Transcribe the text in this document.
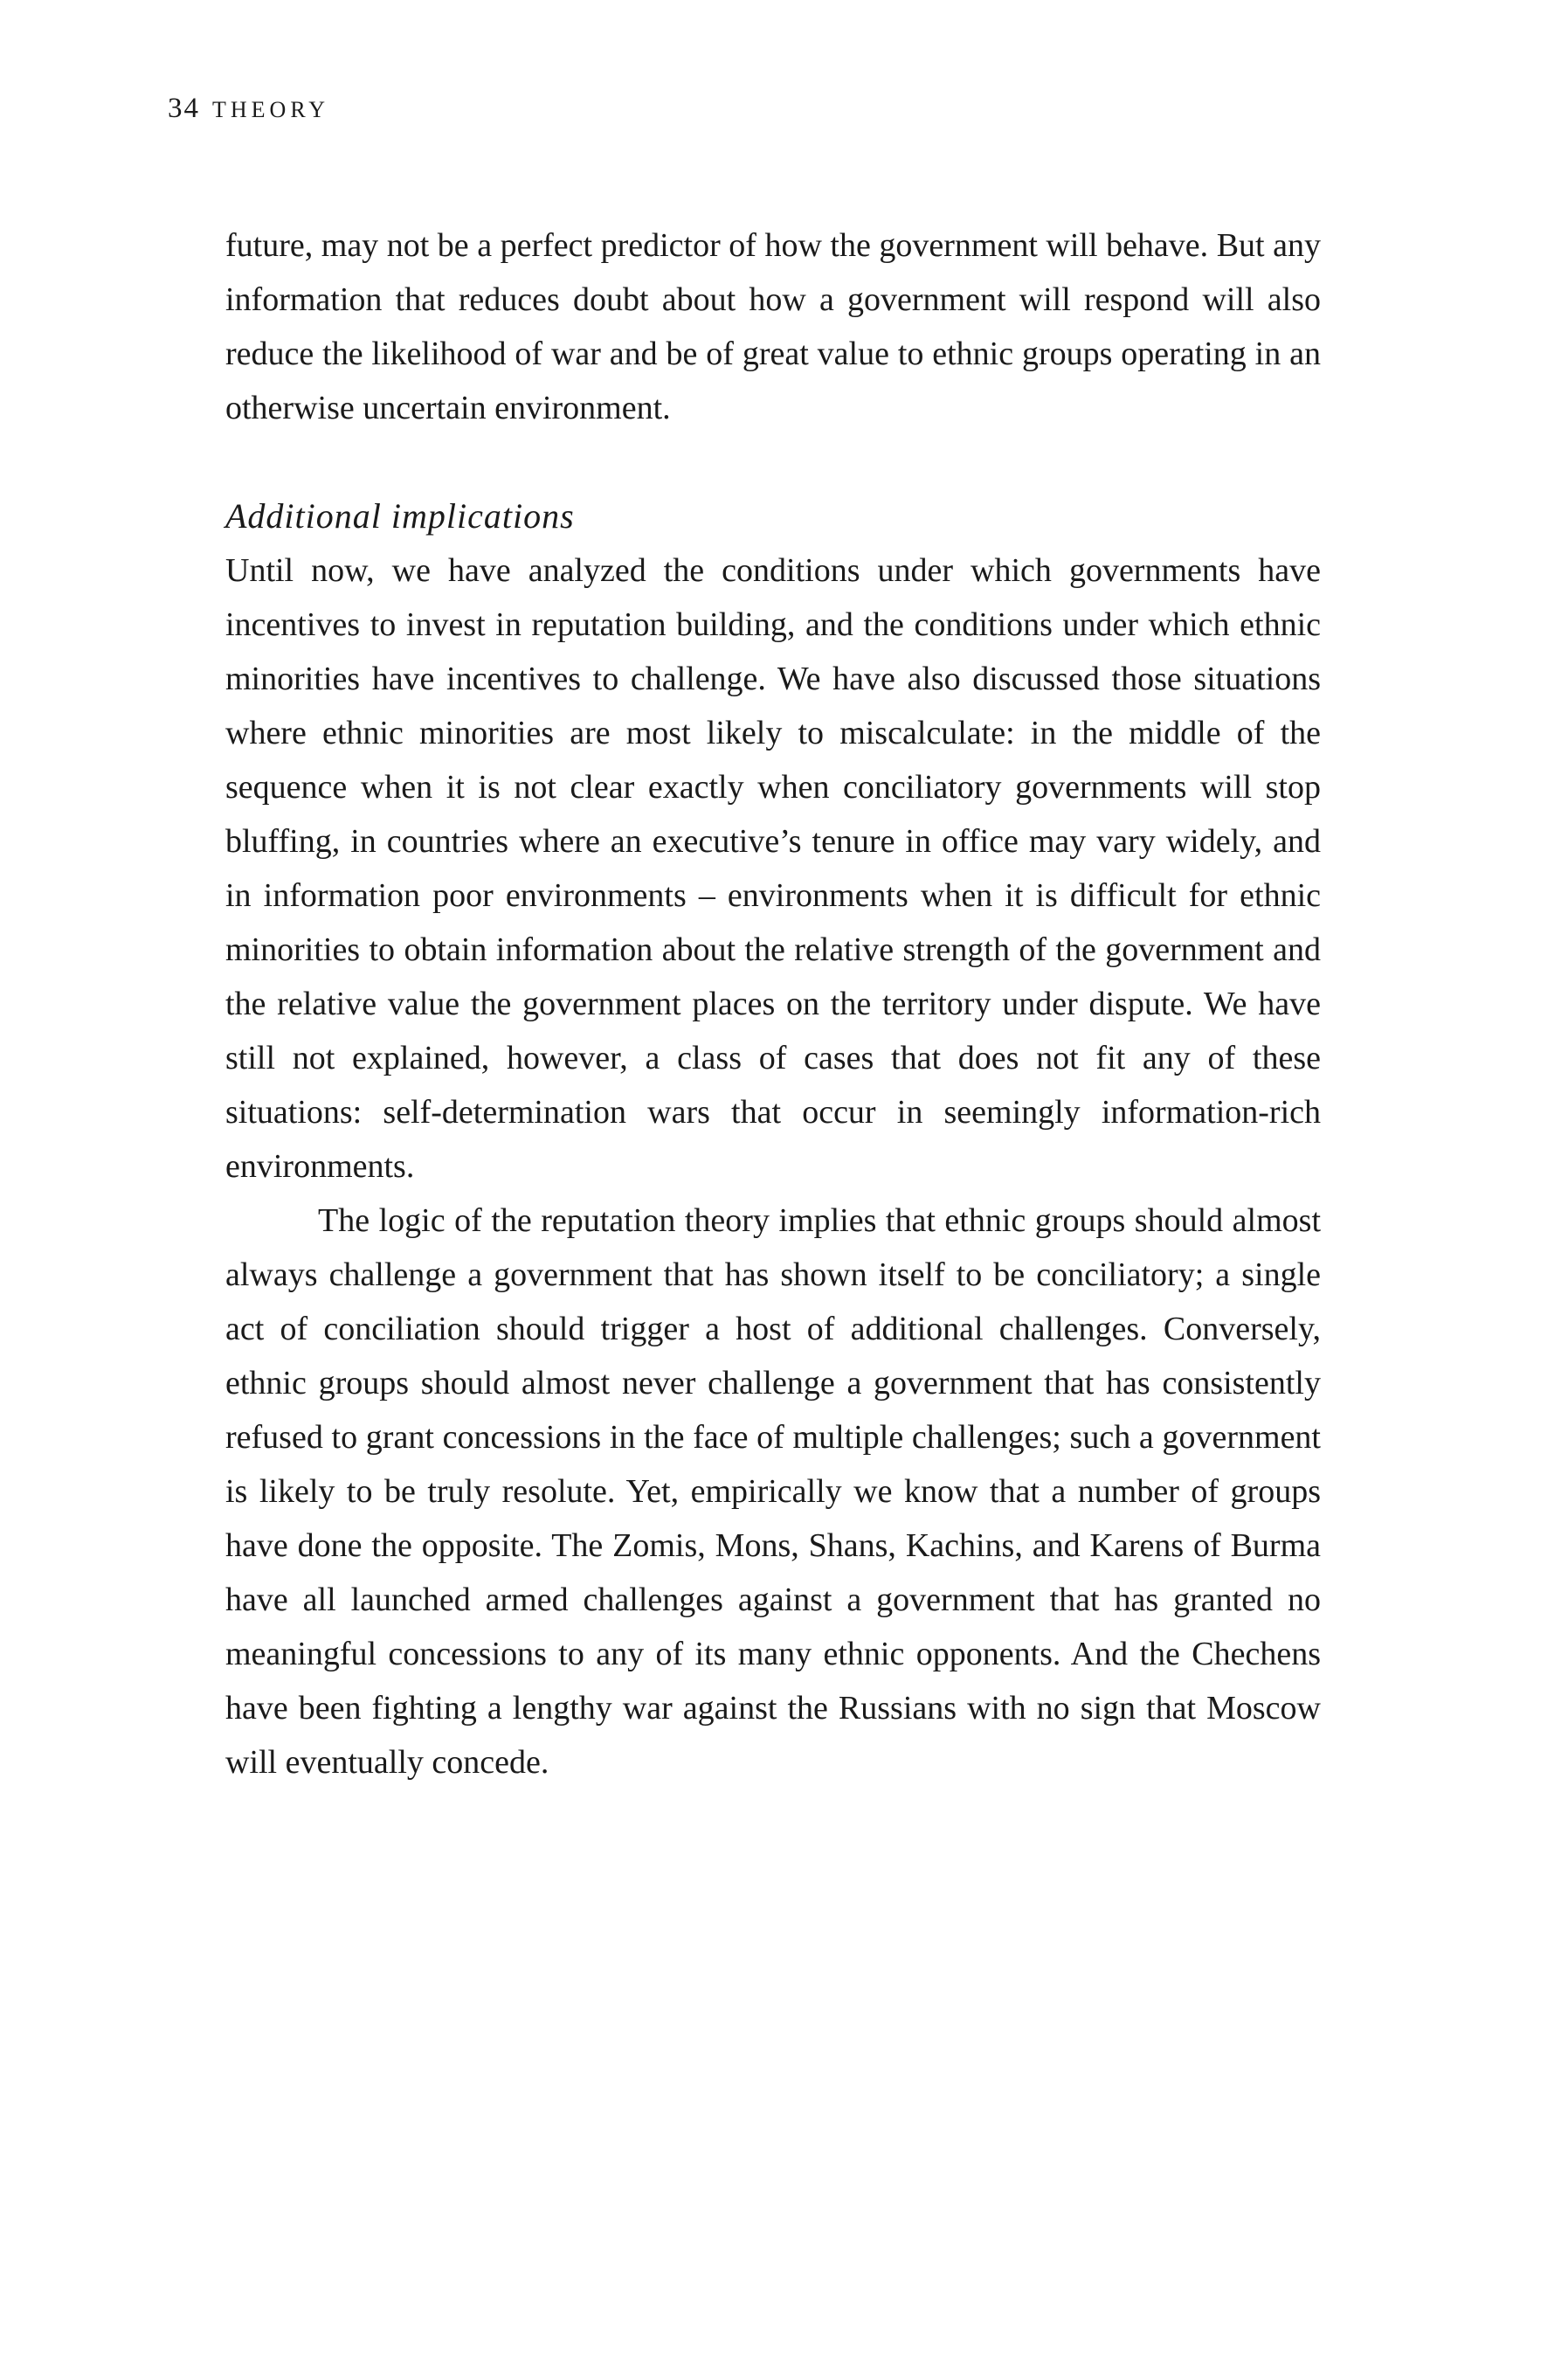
34 THEORY

future, may not be a perfect predictor of how the government will behave. But any information that reduces doubt about how a government will respond will also reduce the likelihood of war and be of great value to ethnic groups operating in an otherwise uncertain environment.

Additional implications

Until now, we have analyzed the conditions under which governments have incentives to invest in reputation building, and the conditions under which ethnic minorities have incentives to challenge. We have also discussed those situations where ethnic minorities are most likely to miscalculate: in the middle of the sequence when it is not clear exactly when conciliatory governments will stop bluffing, in countries where an executive’s tenure in office may vary widely, and in information poor environments – environments when it is difficult for ethnic minorities to obtain information about the relative strength of the government and the relative value the government places on the territory under dispute. We have still not explained, however, a class of cases that does not fit any of these situations: self-determination wars that occur in seemingly information-rich environments.

The logic of the reputation theory implies that ethnic groups should almost always challenge a government that has shown itself to be conciliatory; a single act of conciliation should trigger a host of additional challenges. Conversely, ethnic groups should almost never challenge a government that has consistently refused to grant concessions in the face of multiple challenges; such a government is likely to be truly resolute. Yet, empirically we know that a number of groups have done the opposite. The Zomis, Mons, Shans, Kachins, and Karens of Burma have all launched armed challenges against a government that has granted no meaningful concessions to any of its many ethnic opponents. And the Chechens have been fighting a lengthy war against the Russians with no sign that Moscow will eventually concede.
